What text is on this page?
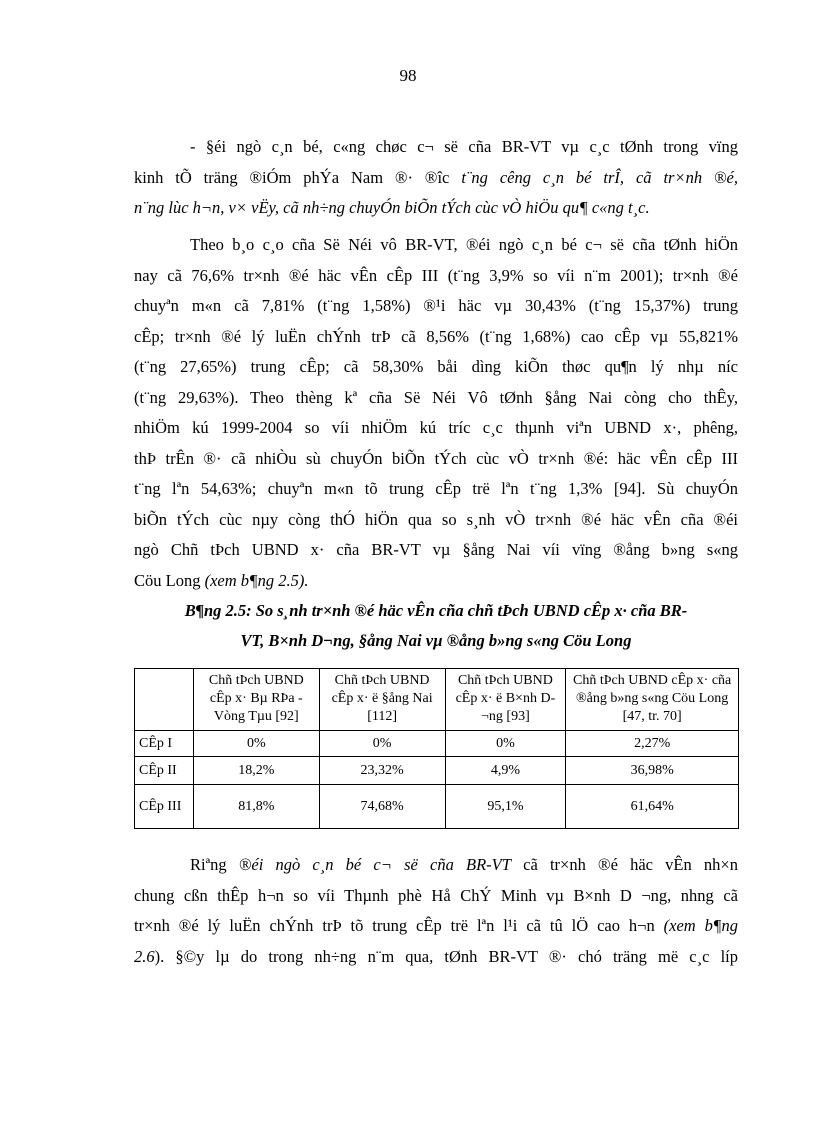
98
- §éi ngò c¸n bé, c«ng chøc c¬ së cña BR-VT vµ c¸c tØnh trong vïng
kinh tÕ träng ®iÓm phÝa Nam ®· ®îc t¨ng cêng c¸n bé trÎ, cã tr×nh ®é,
n¨ng lùc h¬n, v× vËy, cã nh÷ng chuyÓn biÕn tÝch cùc vÒ hiÖu qu¶ c«ng t¸c.
Theo b¸o c¸o cña Së Néi vô BR-VT, ®éi ngò c¸n bé c¬ së cña tØnh hiÖn
nay cã 76,6% tr×nh ®é häc vÊn cÊp III (t¨ng 3,9% so víi n¨m 2001); tr×nh ®é
chuyªn m«n cã 7,81% (t¨ng 1,58%) ®¹i häc vµ 30,43% (t¨ng 15,37%) trung
cÊp; tr×nh ®é lý luËn chÝnh trÞ cã 8,56% (t¨ng 1,68%) cao cÊp vµ 55,821%
(t¨ng 27,65%) trung cÊp; cã 58,30% båi dìng kiÕn thøc qu¶n lý nhµ níc
(t¨ng 29,63%). Theo thèng kª cña Së Néi Vô tØnh §ång Nai còng cho thÊy,
nhiÖm kú 1999-2004 so víi nhiÖm kú tríc c¸c thµnh viªn UBND x·, phêng,
thÞ trÊn ®· cã nhiÒu sù chuyÓn biÕn tÝch cùc vÒ tr×nh ®é: häc vÊn cÊp III
t¨ng lªn 54,63%; chuyªn m«n tõ trung cÊp trë lªn t¨ng 1,3% [94]. Sù chuyÓn
biÕn tÝch cùc nµy còng thÓ hiÖn qua so s¸nh vÒ tr×nh ®é häc vÊn cña ®éi
ngò Chñ tÞch UBND x· cña BR-VT vµ §ång Nai víi vïng ®ång b»ng s«ng
Cöu Long (xem b¶ng 2.5).
B¶ng 2.5: So s¸nh tr×nh ®é häc vÊn cña chñ tÞch UBND cÊp x· cña BR-
VT, B×nh D¬ng, §ång Nai vµ ®ång b»ng s«ng Cöu Long
	Chñ tÞch UBND cÊp x· Bµ RÞa - Vòng Tµu [92]	Chñ tÞch UBND cÊp x· ë §ång Nai [112]	Chñ tÞch UBND cÊp x· ë B×nh D¬ng [93]	Chñ tÞch UBND cÊp x· cña ®ång b»ng s«ng Cöu Long [47, tr. 70]
CÊp I	0%	0%	0%	2,27%
CÊp II	18,2%	23,32%	4,9%	36,98%
CÊp III	81,8%	74,68%	95,1%	61,64%
Riªng ®éi ngò c¸n bé c¬ së cña BR-VT cã tr×nh ®é häc vÊn nh×n
chung cßn thÊp h¬n so víi Thµnh phè Hå ChÝ Minh vµ B×nh D ¬ng, nhng cã
tr×nh ®é lý luËn chÝnh trÞ tõ trung cÊp trë lªn l¹i cã tû lÖ cao h¬n (xem b¶ng
2.6). §©y lµ do trong nh÷ng n¨m qua, tØnh BR-VT ®· chó träng më c¸c líp
